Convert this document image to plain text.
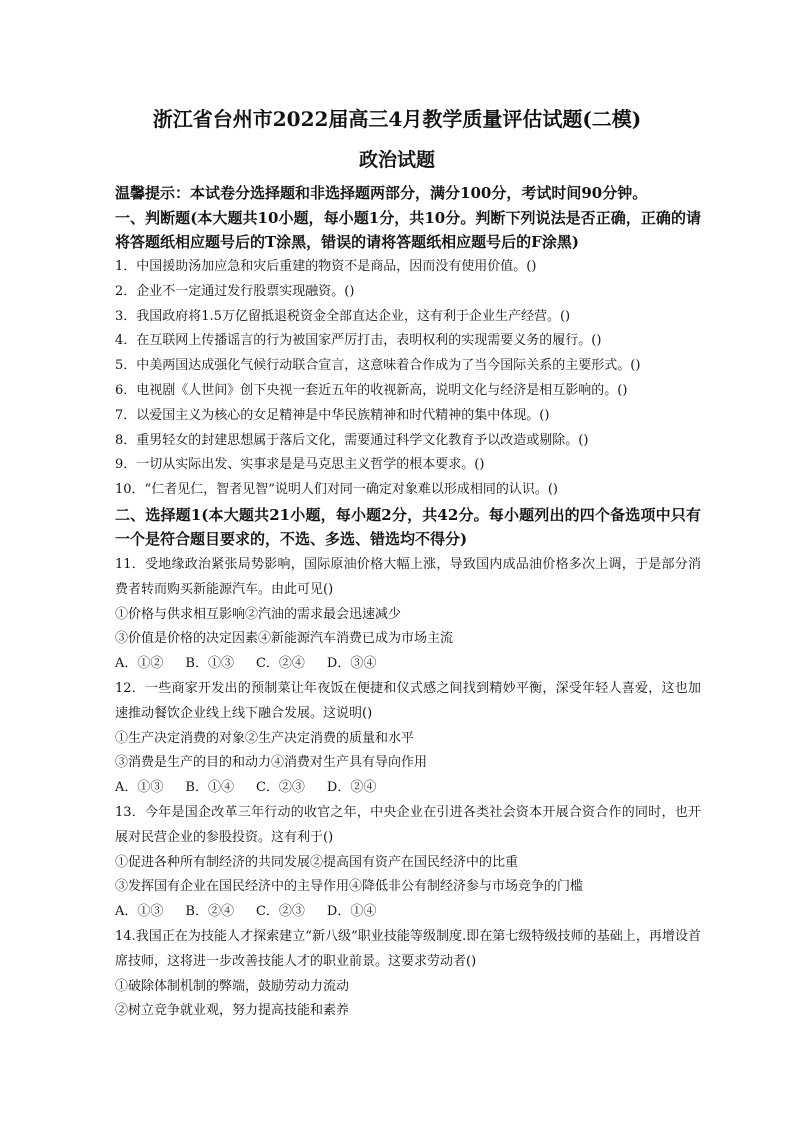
浙江省台州市2022届高三4月教学质量评估试题(二模)
政治试题
温馨提示：本试卷分选择题和非选择题两部分，满分100分，考试时间90分钟。
一、判断题(本大题共10小题，每小题1分，共10分。判断下列说法是否正确，正确的请将答题纸相应题号后的T涂黑，错误的请将答题纸相应题号后的F涂黑)
1．中国援助汤加应急和灾后重建的物资不是商品，因而没有使用价值。()
2．企业不一定通过发行股票实现融资。()
3．我国政府将1.5万亿留抵退税资金全部直达企业，这有利于企业生产经营。()
4．在互联网上传播谣言的行为被国家严厉打击，表明权利的实现需要义务的履行。()
5．中美两国达成强化气候行动联合宣言，这意味着合作成为了当今国际关系的主要形式。()
6．电视剧《人世间》创下央视一套近五年的收视新高，说明文化与经济是相互影响的。()
7．以爱国主义为核心的女足精神是中华民族精神和时代精神的集中体现。()
8．重男轻女的封建思想属于落后文化，需要通过科学文化教育予以改造或剔除。()
9．一切从实际出发、实事求是是马克思主义哲学的根本要求。()
10．“仁者见仁，智者见智”说明人们对同一确定对象难以形成相同的认识。()
二、选择题1(本大题共21小题，每小题2分，共42分。每小题列出的四个备选项中只有一个是符合题目要求的，不选、多选、错选均不得分)
11．受地缘政治紧张局势影响，国际原油价格大幅上涨，导致国内成品油价格多次上调，于是部分消费者转而购买新能源汽车。由此可见()
①价格与供求相互影响②汽油的需求最会迅速减少
③价值是价格的决定因素④新能源汽车消费已成为市场主流
A．①② B．①③ C．②④ D．③④
12．一些商家开发出的预制菜让年夜饭在便捷和仪式感之间找到精妙平衡，深受年轻人喜爱，这也加速推动餐饮企业线上线下融合发展。这说明()
①生产决定消费的对象②生产决定消费的质量和水平
③消费是生产的目的和动力④消费对生产具有导向作用
A．①③ B．①④ C．②③ D．②④
13．今年是国企改革三年行动的收官之年，中央企业在引进各类社会资本开展合资合作的同时，也开展对民营企业的参股投资。这有利于()
①促进各种所有制经济的共同发展②提高国有资产在国民经济中的比重
③发挥国有企业在国民经济中的主导作用④降低非公有制经济参与市场竞争的门槛
A．①③ B．②④ C．②③ D．①④
14.我国正在为技能人才探索建立“新八级”职业技能等级制度.即在第七级特级技师的基础上，再增设首席技师，这将进一步改善技能人才的职业前景。这要求劳动者()
①破除体制机制的弊端，鼓励劳动力流动
②树立竞争就业观，努力提高技能和素养
